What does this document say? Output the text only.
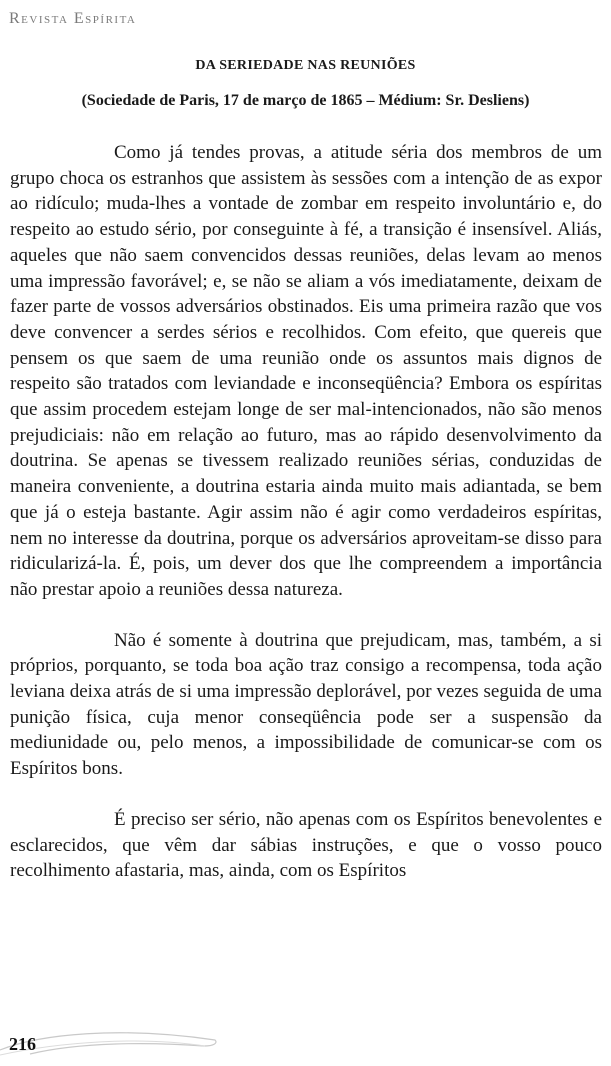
Revista Espírita
DA SERIEDADE NAS REUNIÕES
(Sociedade de Paris, 17 de março de 1865 – Médium: Sr. Desliens)

Como já tendes provas, a atitude séria dos membros de um grupo choca os estranhos que assistem às sessões com a intenção de as expor ao ridículo; muda-lhes a vontade de zombar em respeito involuntário e, do respeito ao estudo sério, por conseguinte à fé, a transição é insensível. Aliás, aqueles que não saem convencidos dessas reuniões, delas levam ao menos uma impressão favorável; e, se não se aliam a vós imediatamente, deixam de fazer parte de vossos adversários obstinados. Eis uma primeira razão que vos deve convencer a serdes sérios e recolhidos. Com efeito, que quereis que pensem os que saem de uma reunião onde os assuntos mais dignos de respeito são tratados com leviandade e inconseqüência? Embora os espíritas que assim procedem estejam longe de ser mal-intencionados, não são menos prejudiciais: não em relação ao futuro, mas ao rápido desenvolvimento da doutrina. Se apenas se tivessem realizado reuniões sérias, conduzidas de maneira conveniente, a doutrina estaria ainda muito mais adiantada, se bem que já o esteja bastante. Agir assim não é agir como verdadeiros espíritas, nem no interesse da doutrina, porque os adversários aproveitam-se disso para ridicularizá-la. É, pois, um dever dos que lhe compreendem a importância não prestar apoio a reuniões dessa natureza.

Não é somente à doutrina que prejudicam, mas, também, a si próprios, porquanto, se toda boa ação traz consigo a recompensa, toda ação leviana deixa atrás de si uma impressão deplorável, por vezes seguida de uma punição física, cuja menor conseqüência pode ser a suspensão da mediunidade ou, pelo menos, a impossibilidade de comunicar-se com os Espíritos bons.

É preciso ser sério, não apenas com os Espíritos benevolentes e esclarecidos, que vêm dar sábias instruções, e que o vosso pouco recolhimento afastaria, mas, ainda, com os Espíritos

216
